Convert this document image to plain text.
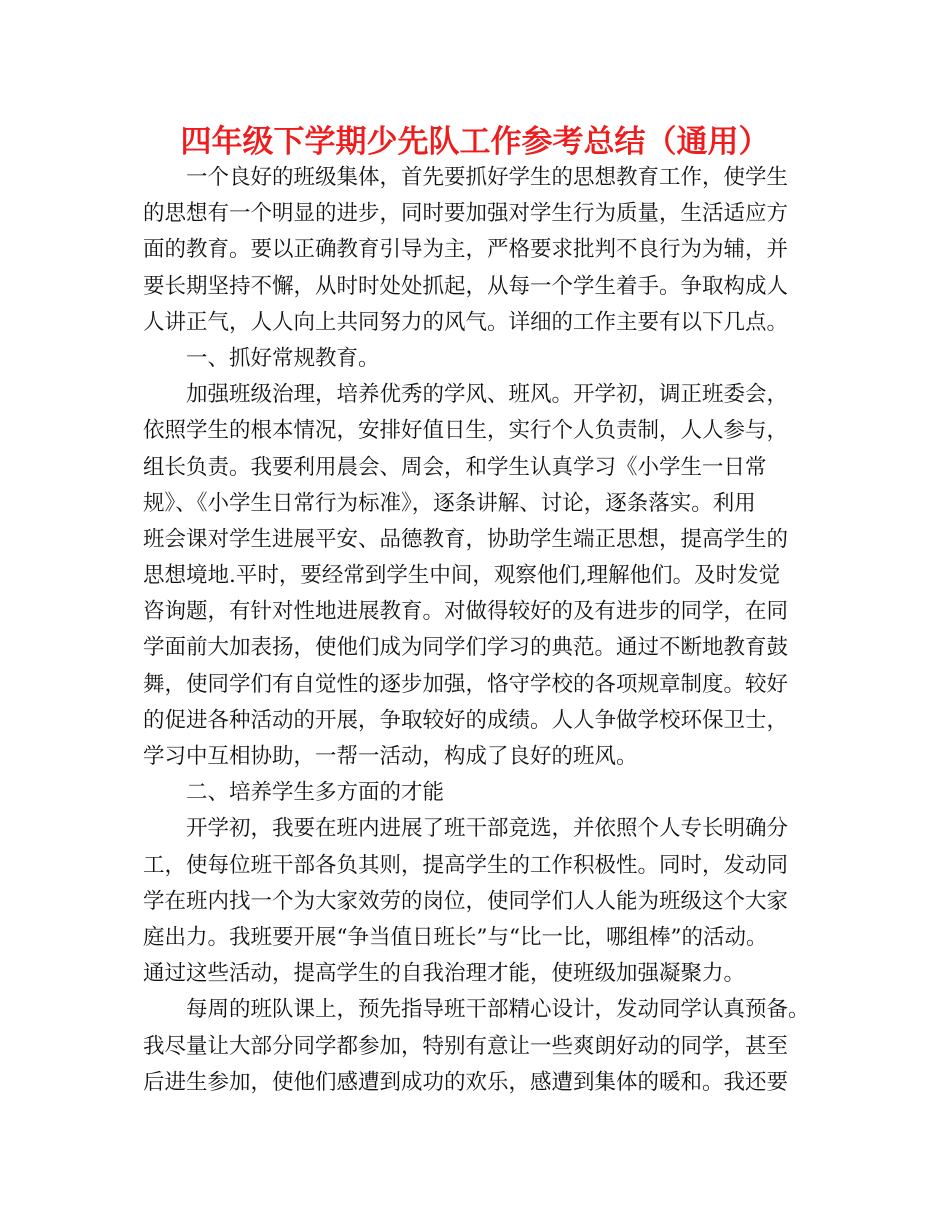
四年级下学期少先队工作参考总结（通用）
一个良好的班级集体，首先要抓好学生的思想教育工作，使学生
的思想有一个明显的进步，同时要加强对学生行为质量，生活适应方
面的教育。要以正确教育引导为主，严格要求批判不良行为为辅，并
要长期坚持不懈，从时时处处抓起，从每一个学生着手。争取构成人
人讲正气，人人向上共同努力的风气。详细的工作主要有以下几点。
一、抓好常规教育。
加强班级治理，培养优秀的学风、班风。开学初，调正班委会，
依照学生的根本情况，安排好值日生，实行个人负责制，人人参与，
组长负责。我要利用晨会、周会，和学生认真学习《小学生一日常
规》、《小学生日常行为标准》，逐条讲解、讨论，逐条落实。利用
班会课对学生进展平安、品德教育，协助学生端正思想，提高学生的
思想境地.平时，要经常到学生中间，观察他们,理解他们。及时发觉
咨询题，有针对性地进展教育。对做得较好的及有进步的同学，在同
学面前大加表扬，使他们成为同学们学习的典范。通过不断地教育鼓
舞，使同学们有自觉性的逐步加强，恪守学校的各项规章制度。较好
的促进各种活动的开展，争取较好的成绩。人人争做学校环保卫士，
学习中互相协助，一帮一活动，构成了良好的班风。
二、培养学生多方面的才能
开学初，我要在班内进展了班干部竞选，并依照个人专长明确分
工，使每位班干部各负其则，提高学生的工作积极性。同时，发动同
学在班内找一个为大家效劳的岗位，使同学们人人能为班级这个大家
庭出力。我班要开展“争当值日班长”与“比一比，哪组棒”的活动。
通过这些活动，提高学生的自我治理才能，使班级加强凝聚力。
每周的班队课上，预先指导班干部精心设计，发动同学认真预备。
我尽量让大部分同学都参加，特别有意让一些爽朗好动的同学，甚至
后进生参加，使他们感遭到成功的欢乐，感遭到集体的暖和。我还要
